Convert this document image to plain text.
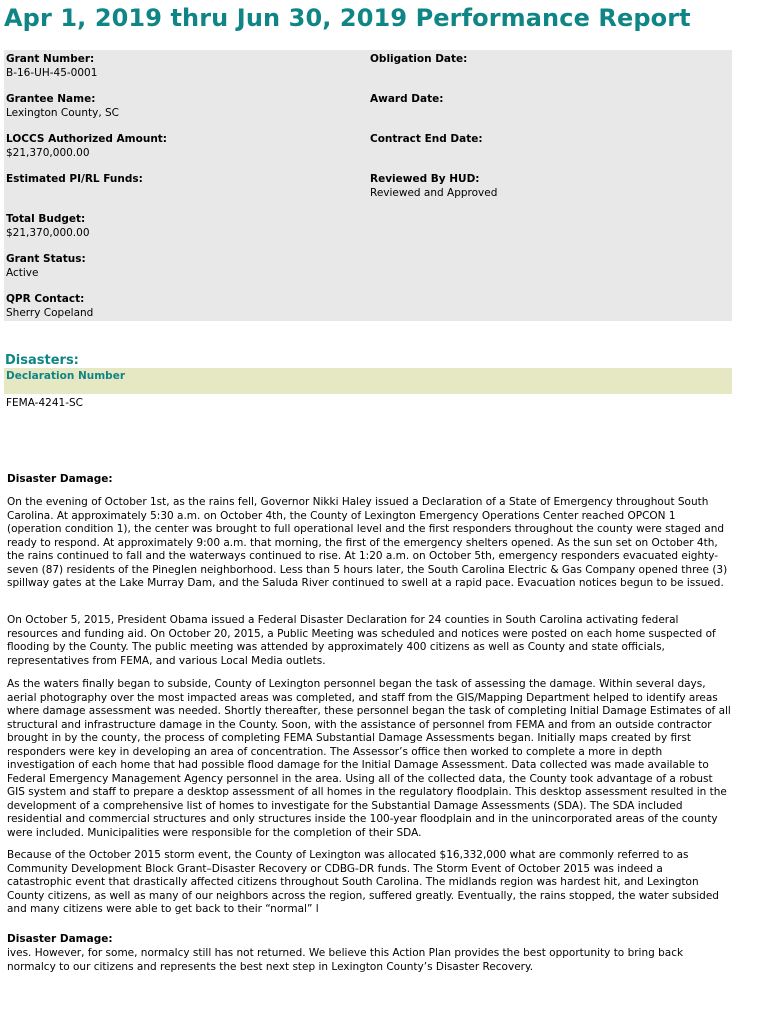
Apr 1, 2019 thru Jun 30, 2019 Performance Report
Grant Number:
B-16-UH-45-0001
Obligation Date:
Grantee Name:
Lexington County, SC
Award Date:
LOCCS Authorized Amount:
$21,370,000.00
Contract End Date:
Estimated PI/RL Funds:	Reviewed By HUD:
Reviewed and Approved
Total Budget:
$21,370,000.00
Grant Status:
Active
QPR Contact:
Sherry Copeland
Disasters:
Declaration Number
FEMA-4241-SC
Disaster Damage:

On the evening of October 1st, as the rains fell, Governor Nikki Haley issued a Declaration of a State of Emergency throughout South Carolina. At approximately 5:30 a.m. on October 4th, the County of Lexington Emergency Operations Center reached OPCON 1 (operation condition 1), the center was brought to full operational level and the first responders throughout the county were staged and ready to respond. At approximately 9:00 a.m. that morning, the first of the emergency shelters opened. As the sun set on October 4th, the rains continued to fall and the waterways continued to rise. At 1:20 a.m. on October 5th, emergency responders evacuated eighty-seven (87) residents of the Pineglen neighborhood. Less than 5 hours later, the South Carolina Electric & Gas Company opened three (3) spillway gates at the Lake Murray Dam, and the Saluda River continued to swell at a rapid pace. Evacuation notices begun to be issued.

On October 5, 2015, President Obama issued a Federal Disaster Declaration for 24 counties in South Carolina activating federal resources and funding aid. On October 20, 2015, a Public Meeting was scheduled and notices were posted on each home suspected of flooding by the County. The public meeting was attended by approximately 400 citizens as well as County and state officials, representatives from FEMA, and various Local Media outlets.

As the waters finally began to subside, County of Lexington personnel began the task of assessing the damage. Within several days, aerial photography over the most impacted areas was completed, and staff from the GIS/Mapping Department helped to identify areas where damage assessment was needed. Shortly thereafter, these personnel began the task of completing Initial Damage Estimates of all structural and infrastructure damage in the County. Soon, with the assistance of personnel from FEMA and from an outside contractor brought in by the county, the process of completing FEMA Substantial Damage Assessments began. Initially maps created by first responders were key in developing an area of concentration. The Assessor’s office then worked to complete a more in depth investigation of each home that had possible flood damage for the Initial Damage Assessment. Data collected was made available to Federal Emergency Management Agency personnel in the area. Using all of the collected data, the County took advantage of a robust GIS system and staff to prepare a desktop assessment of all homes in the regulatory floodplain. This desktop assessment resulted in the development of a comprehensive list of homes to investigate for the Substantial Damage Assessments (SDA). The SDA included residential and commercial structures and only structures inside the 100-year floodplain and in the unincorporated areas of the county were included. Municipalities were responsible for the completion of their SDA.

Because of the October 2015 storm event, the County of Lexington was allocated $16,332,000 what are commonly referred to as Community Development Block Grant–Disaster Recovery or CDBG-DR funds. The Storm Event of October 2015 was indeed a catastrophic event that drastically affected citizens throughout South Carolina. The midlands region was hardest hit, and Lexington County citizens, as well as many of our neighbors across the region, suffered greatly. Eventually, the rains stopped, the water subsided and many citizens were able to get back to their “normal” l

Disaster Damage:

ives. However, for some, normalcy still has not returned. We believe this Action Plan provides the best opportunity to bring back normalcy to our citizens and represents the best next step in Lexington County’s Disaster Recovery.
